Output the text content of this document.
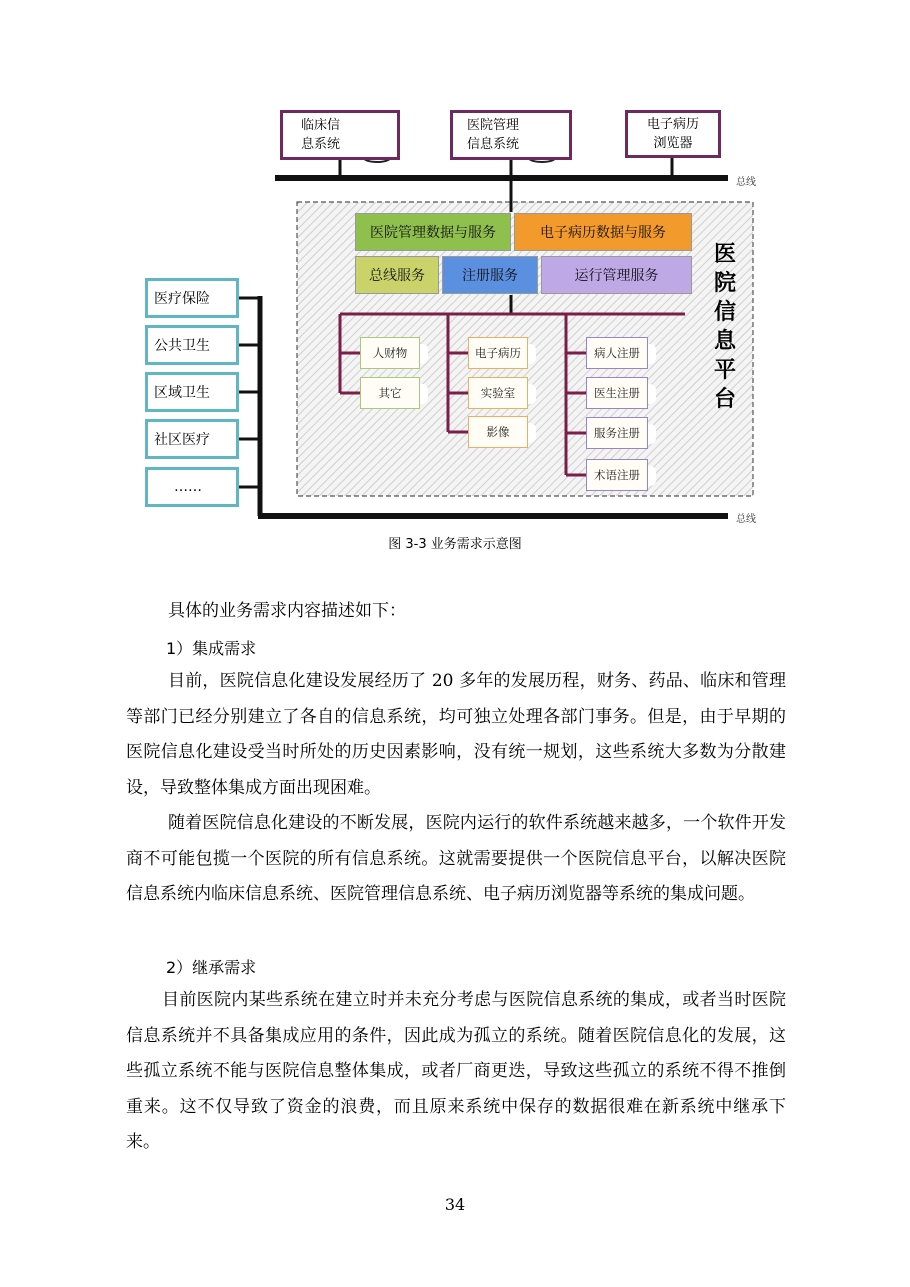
临床信
息系统
医院管理
信息系统
电子病历
浏览器
总线
总线
医疗保险
公共卫生
区域卫生
社区医疗
……
医院管理数据与服务	电子病历数据与服务
总线服务	注册服务	运行管理服务
人财物
其它
电子病历
实验室
影像
病人注册
医生注册
服务注册
术语注册
医
院
信
息
平
台
图 3-3 业务需求示意图
具体的业务需求内容描述如下：
1）集成需求
目前，医院信息化建设发展经历了 20 多年的发展历程，财务、药品、临床和管理等部门已经分别建立了各自的信息系统，均可独立处理各部门事务。但是，由于早期的医院信息化建设受当时所处的历史因素影响，没有统一规划，这些系统大多数为分散建设，导致整体集成方面出现困难。
随着医院信息化建设的不断发展，医院内运行的软件系统越来越多，一个软件开发商不可能包揽一个医院的所有信息系统。这就需要提供一个医院信息平台，以解决医院信息系统内临床信息系统、医院管理信息系统、电子病历浏览器等系统的集成问题。
2）继承需求
目前医院内某些系统在建立时并未充分考虑与医院信息系统的集成，或者当时医院信息系统并不具备集成应用的条件，因此成为孤立的系统。随着医院信息化的发展，这些孤立系统不能与医院信息整体集成，或者厂商更迭，导致这些孤立的系统不得不推倒重来。这不仅导致了资金的浪费，而且原来系统中保存的数据很难在新系统中继承下来。
34
